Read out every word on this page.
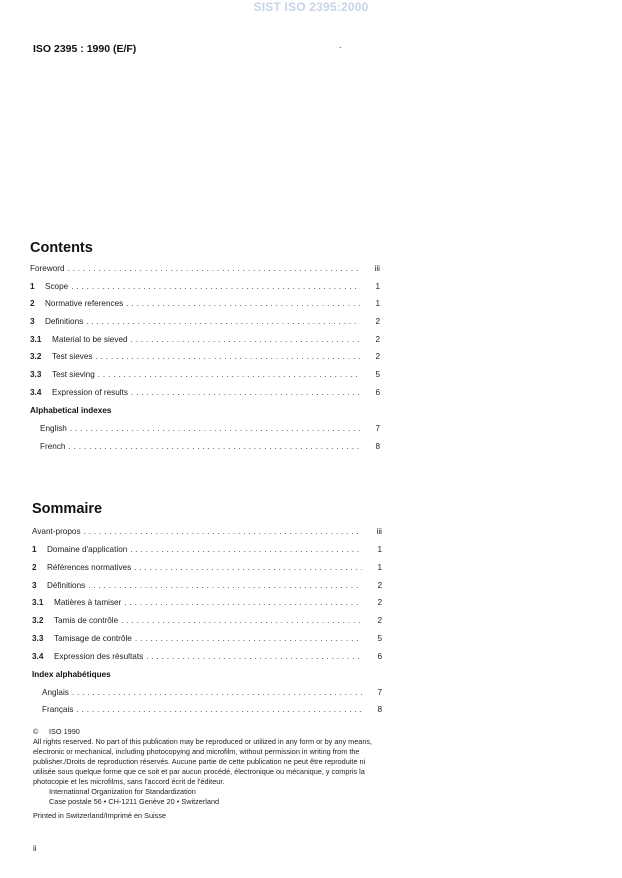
SIST ISO 2395:2000
ISO 2395 : 1990 (E/F)	.
Contents
Foreword . . .	iii
1	Scope . . .	1
2	Normative references . . .	1
3	Definitions . . .	2
3.1	Material to be sieved . . .	2
3.2	Test sieves . . .	2
3.3	Test sieving . . .	5
3.4	Expression of results . . .	6
Alphabetical indexes
English . . .	7
French . . .	8
Sommaire
Avant-propos . . .	iii
1	Domaine d'application . . .	1
2	Références normatives . . .	1
3	Définitions . . .	2
3.1	Matières à tamiser . . .	2
3.2	Tamis de contrôle . . .	2
3.3	Tamisage de contrôle . . .	5
3.4	Expression des résultats . . .	6
Index alphabétiques
Anglais . . .	7
Français . . .	8

© ISO 1990

All rights reserved. No part of this publication may be reproduced or utilized in any form or by any means, electronic or mechanical, including photocopying and microfilm, without permission in writing from the publisher./Droits de reproduction réservés. Aucune partie de cette publication ne peut être reproduite ni utilisée sous quelque forme que ce soit et par aucun procédé, électronique ou mécanique, y compris la photocopie et les microfilms, sans l'accord écrit de l'éditeur.

International Organization for Standardization

Case postale 56 • CH-1211 Genève 20 • Switzerland

Printed in Switzerland/Imprimé en Suisse

ii
